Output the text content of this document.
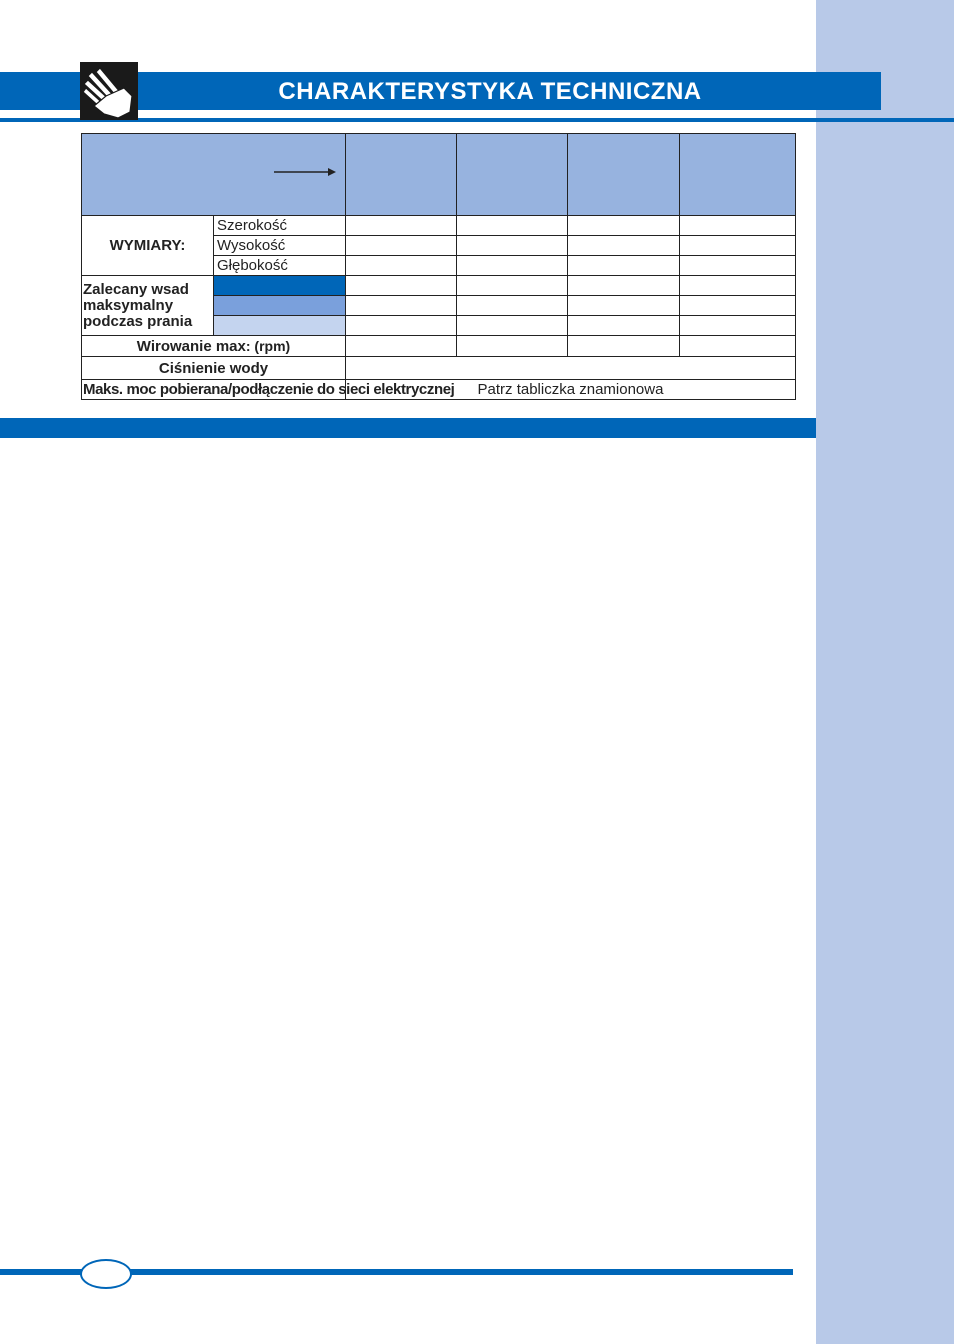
CHARAKTERYSTYKA TECHNICZNA

WYMIARY:	Szerokość				
	Wysokość				
	Głębokość				
Zalecany wsad maksymalny podczas prania					

Wirowanie max: (rpm)					
Ciśnienie wody					
Maks. moc pobierana/podłączenie do sieci elektrycznej		Patrz tabliczka znamionowa			
